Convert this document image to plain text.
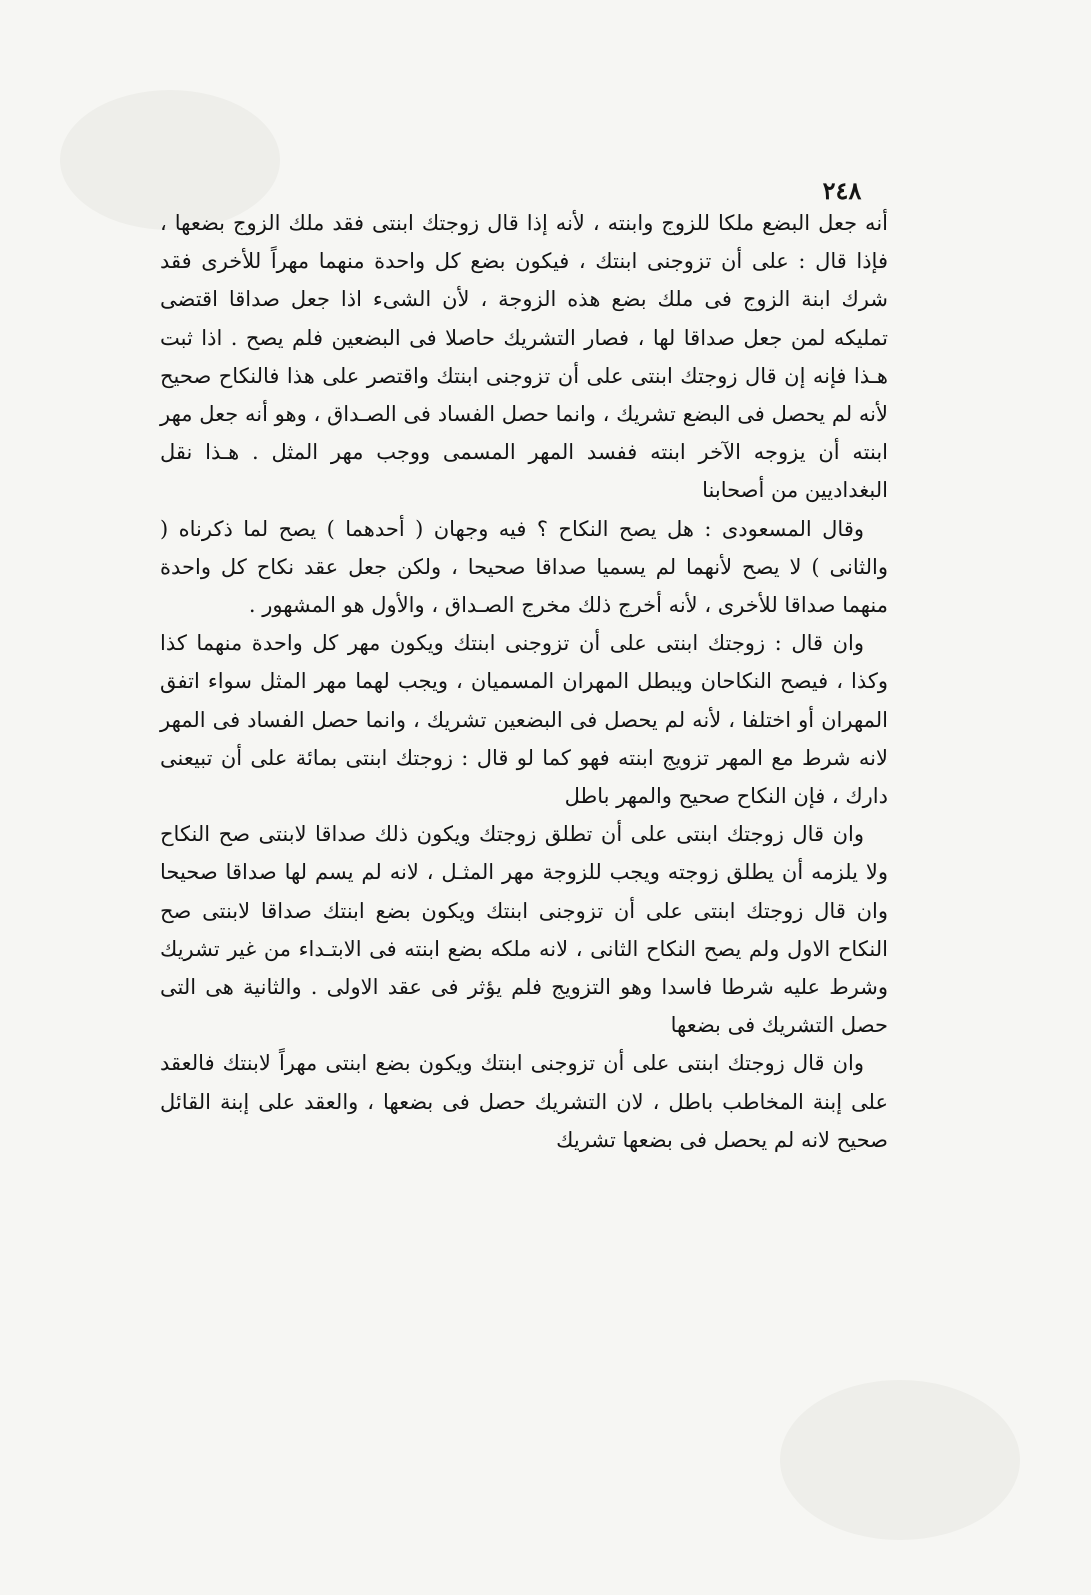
٢٤٨

أنه جعل البضع ملكا للزوج وابنته ، لأنه إذا قال زوجتك ابنتى فقد ملك الزوج بضعها ، فإذا قال : على أن تزوجنى ابنتك ، فيكون بضع كل واحدة منهما مهراً للأخرى فقد شرك ابنة الزوج فى ملك بضع هذه الزوجة ، لأن الشىء اذا جعل صداقا اقتضى تمليكه لمن جعل صداقا لها ، فصار التشريك حاصلا فى البضعين فلم يصح . اذا ثبت هـذا فإنه إن قال زوجتك ابنتى على أن تزوجنى ابنتك واقتصر على هذا فالنكاح صحيح لأنه لم يحصل فى البضع تشريك ، وانما حصل الفساد فى الصـداق ، وهو أنه جعل مهر ابنته أن يزوجه الآخر ابنته ففسد المهر المسمى ووجب مهر المثل . هـذا نقل البغداديين من أصحابنا

وقال المسعودى : هل يصح النكاح ؟ فيه وجهان ( أحدهما ) يصح لما ذكرناه ( والثانى ) لا يصح لأنهما لم يسميا صداقا صحيحا ، ولكن جعل عقد نكاح كل واحدة منهما صداقا للأخرى ، لأنه أخرج ذلك مخرج الصـداق ، والأول هو المشهور .

وان قال : زوجتك ابنتى على أن تزوجنى ابنتك ويكون مهر كل واحدة منهما كذا وكذا ، فيصح النكاحان ويبطل المهران المسميان ، ويجب لهما مهر المثل سواء اتفق المهران أو اختلفا ، لأنه لم يحصل فى البضعين تشريك ، وانما حصل الفساد فى المهر لانه شرط مع المهر تزويج ابنته فهو كما لو قال : زوجتك ابنتى بمائة على أن تبيعنى دارك ، فإن النكاح صحيح والمهر باطل

وان قال زوجتك ابنتى على أن تطلق زوجتك ويكون ذلك صداقا لابنتى صح النكاح ولا يلزمه أن يطلق زوجته ويجب للزوجة مهر المثـل ، لانه لم يسم لها صداقا صحيحا وان قال زوجتك ابنتى على أن تزوجنى ابنتك ويكون بضع ابنتك صداقا لابنتى صح النكاح الاول ولم يصح النكاح الثانى ، لانه ملكه بضع ابنته فى الابتـداء من غير تشريك وشرط عليه شرطا فاسدا وهو التزويج فلم يؤثر فى عقد الاولى . والثانية هى التى حصل التشريك فى بضعها

وان قال زوجتك ابنتى على أن تزوجنى ابنتك ويكون بضع ابنتى مهراً لابنتك فالعقد على إبنة المخاطب باطل ، لان التشريك حصل فى بضعها ، والعقد على إبنة القائل صحيح لانه لم يحصل فى بضعها تشريك
